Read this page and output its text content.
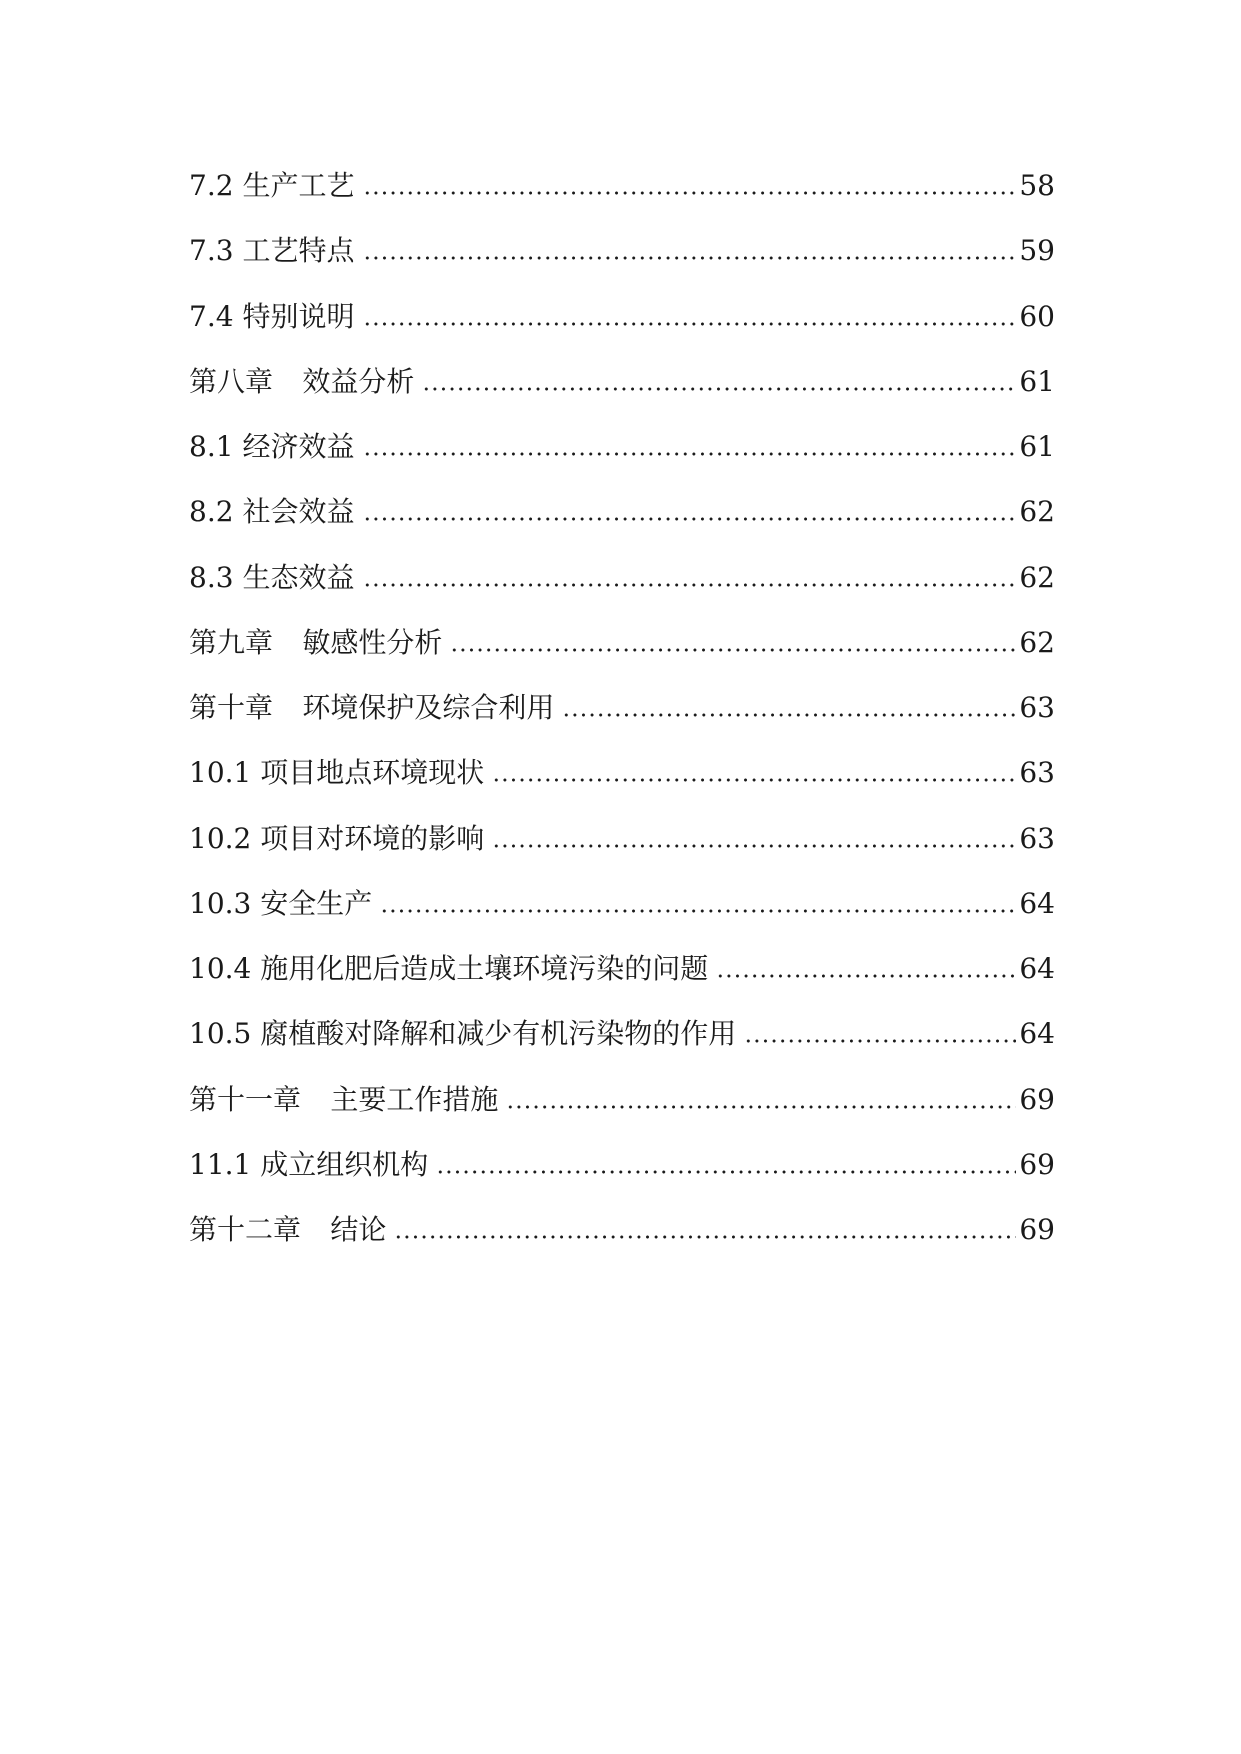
7.2 生产工艺	58
7.3 工艺特点	59
7.4 特别说明	60
第八章 效益分析	61
8.1 经济效益	61
8.2 社会效益	62
8.3 生态效益	62
第九章 敏感性分析	62
第十章 环境保护及综合利用	63
10.1 项目地点环境现状	63
10.2 项目对环境的影响	63
10.3 安全生产	64
10.4 施用化肥后造成土壤环境污染的问题	64
10.5 腐植酸对降解和减少有机污染物的作用	64
第十一章 主要工作措施	69
11.1 成立组织机构	69
第十二章 结论	69
